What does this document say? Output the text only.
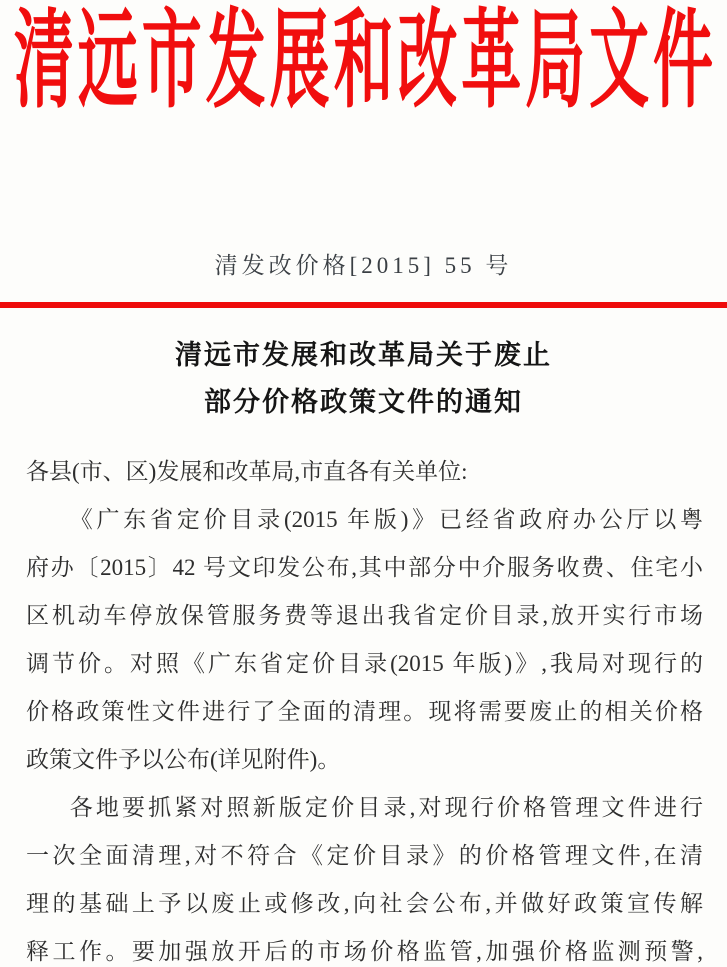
清远市发展和改革局文件
清发改价格[2015] 55 号
清远市发展和改革局关于废止
部分价格政策文件的通知
各县(市、区)发展和改革局,市直各有关单位:
《广东省定价目录(2015 年版)》已经省政府办公厅以粤
府办〔2015〕42 号文印发公布,其中部分中介服务收费、住宅小
区机动车停放保管服务费等退出我省定价目录,放开实行市场
调节价。对照《广东省定价目录(2015 年版)》,我局对现行的
价格政策性文件进行了全面的清理。现将需要废止的相关价格
政策文件予以公布(详见附件)。
各地要抓紧对照新版定价目录,对现行价格管理文件进行
一次全面清理,对不符合《定价目录》的价格管理文件,在清
理的基础上予以废止或修改,向社会公布,并做好政策宣传解
释工作。要加强放开后的市场价格监管,加强价格监测预警,
